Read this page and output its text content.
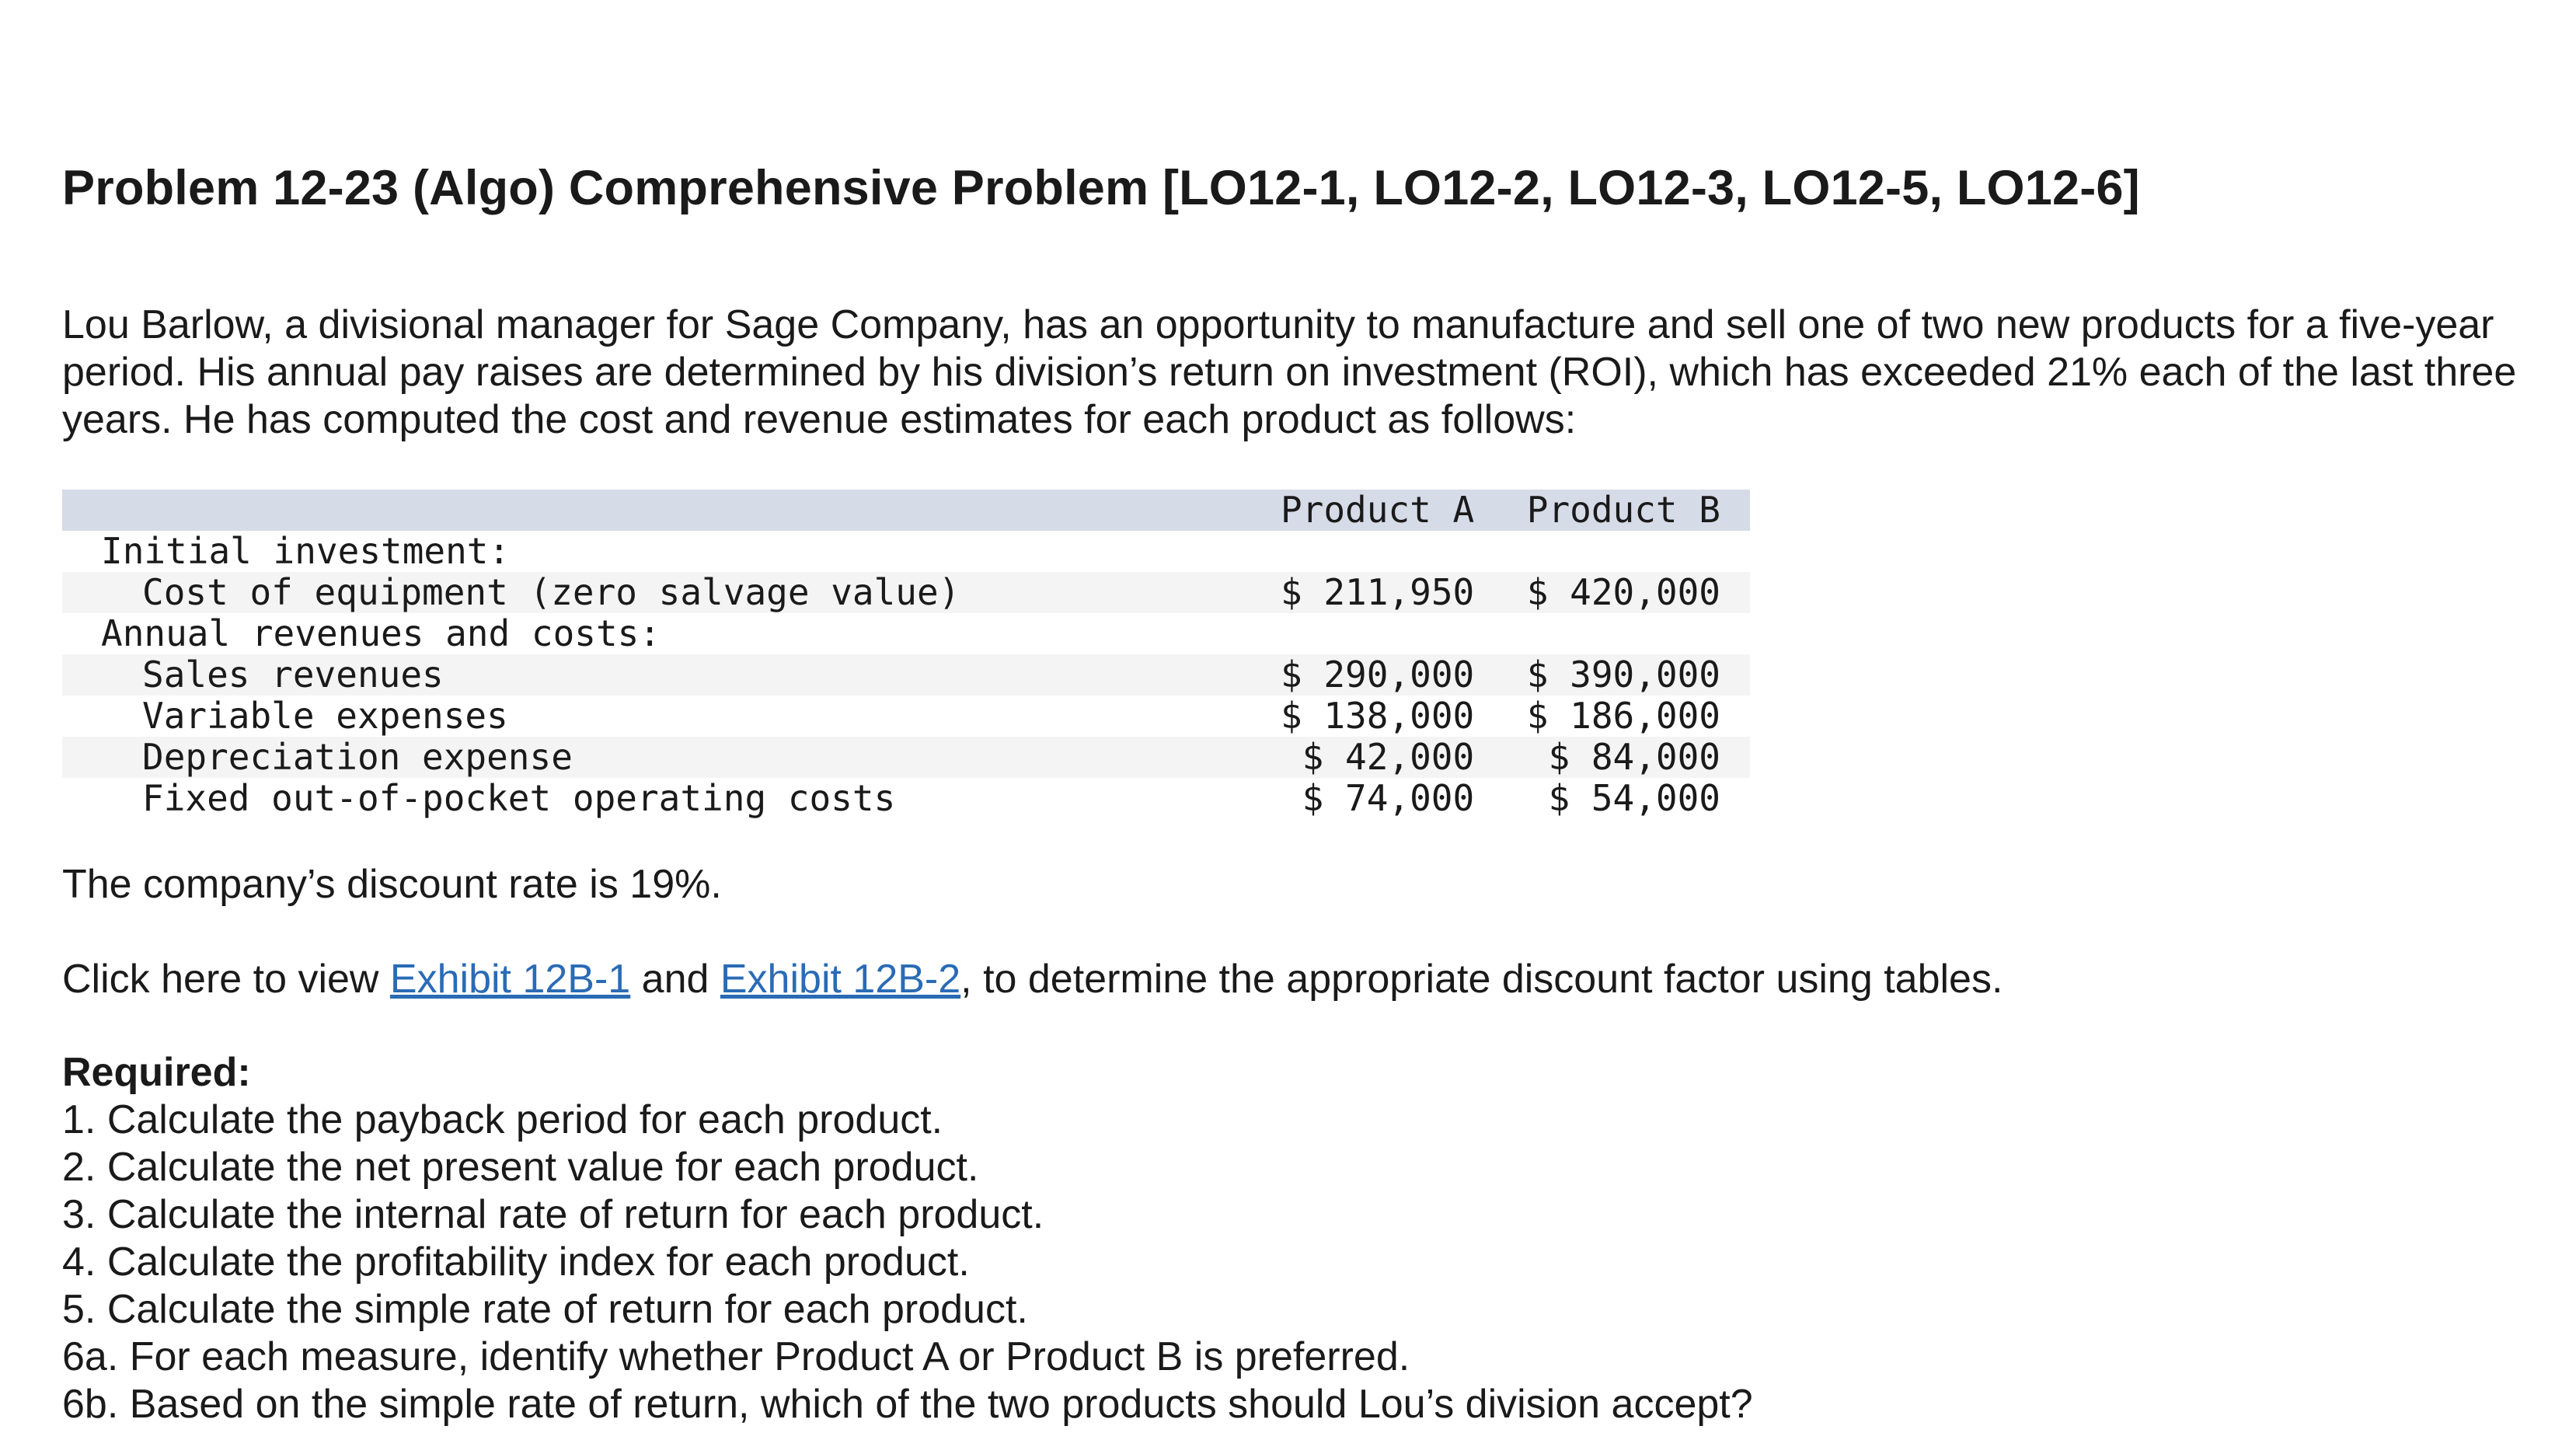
Problem 12-23 (Algo) Comprehensive Problem [LO12-1, LO12-2, LO12-3, LO12-5, LO12-6]

Lou Barlow, a divisional manager for Sage Company, has an opportunity to manufacture and sell one of two new products for a five-year period. His annual pay raises are determined by his division’s return on investment (ROI), which has exceeded 21% each of the last three years. He has computed the cost and revenue estimates for each product as follows:

	Product A	Product B
Initial investment:		
Cost of equipment (zero salvage value)	$ 211,950	$ 420,000
Annual revenues and costs:		
Sales revenues	$ 290,000	$ 390,000
Variable expenses	$ 138,000	$ 186,000
Depreciation expense	$ 42,000	$ 84,000
Fixed out-of-pocket operating costs	$ 74,000	$ 54,000

The company’s discount rate is 19%.

Click here to view Exhibit 12B-1 and Exhibit 12B-2, to determine the appropriate discount factor using tables.

Required:
1. Calculate the payback period for each product.
2. Calculate the net present value for each product.
3. Calculate the internal rate of return for each product.
4. Calculate the profitability index for each product.
5. Calculate the simple rate of return for each product.
6a. For each measure, identify whether Product A or Product B is preferred.
6b. Based on the simple rate of return, which of the two products should Lou’s division accept?
